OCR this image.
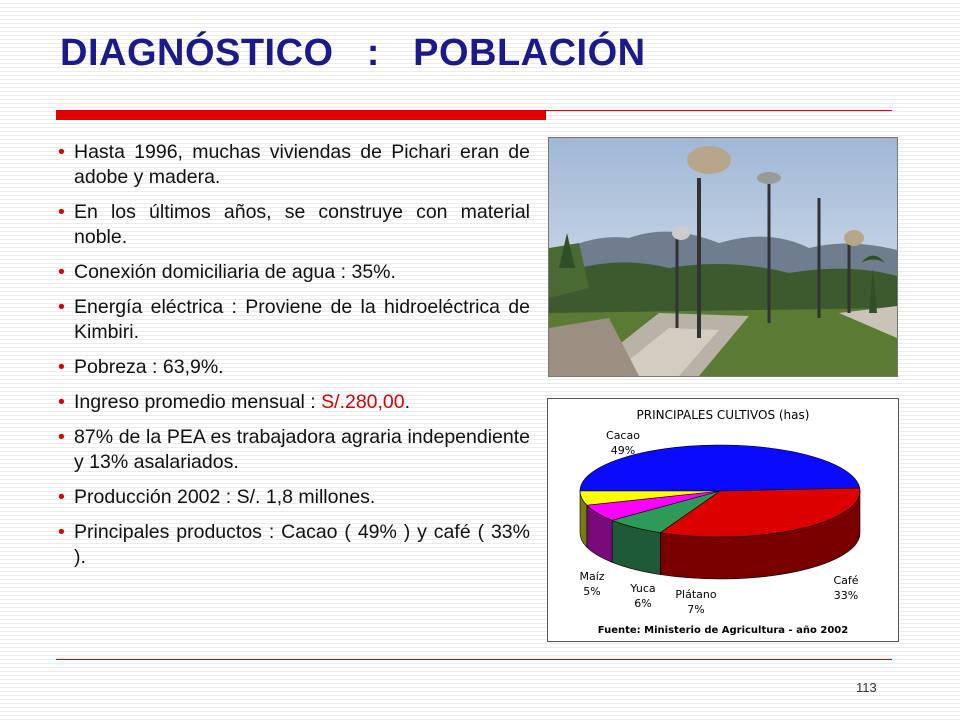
DIAGNÓSTICO   :   POBLACIÓN
• Hasta 1996, muchas viviendas de Pichari eran de adobe y madera.
• En los últimos años, se construye con material noble.
• Conexión domiciliaria de agua : 35%.
• Energía eléctrica : Proviene de la hidroeléctrica de Kimbiri.
• Pobreza : 63,9%.
• Ingreso promedio mensual : S/.280,00.
• 87% de la PEA es trabajadora agraria independiente y 13% asalariados.
• Producción 2002 : S/. 1,8 millones.
• Principales productos : Cacao ( 49% ) y café ( 33% ).
PRINCIPALES CULTIVOS (has)
Cacao
49%
Café
33%
Plátano
7%
Yuca
6%
Maíz
5%
Fuente: Ministerio de Agricultura - año 2002
113
